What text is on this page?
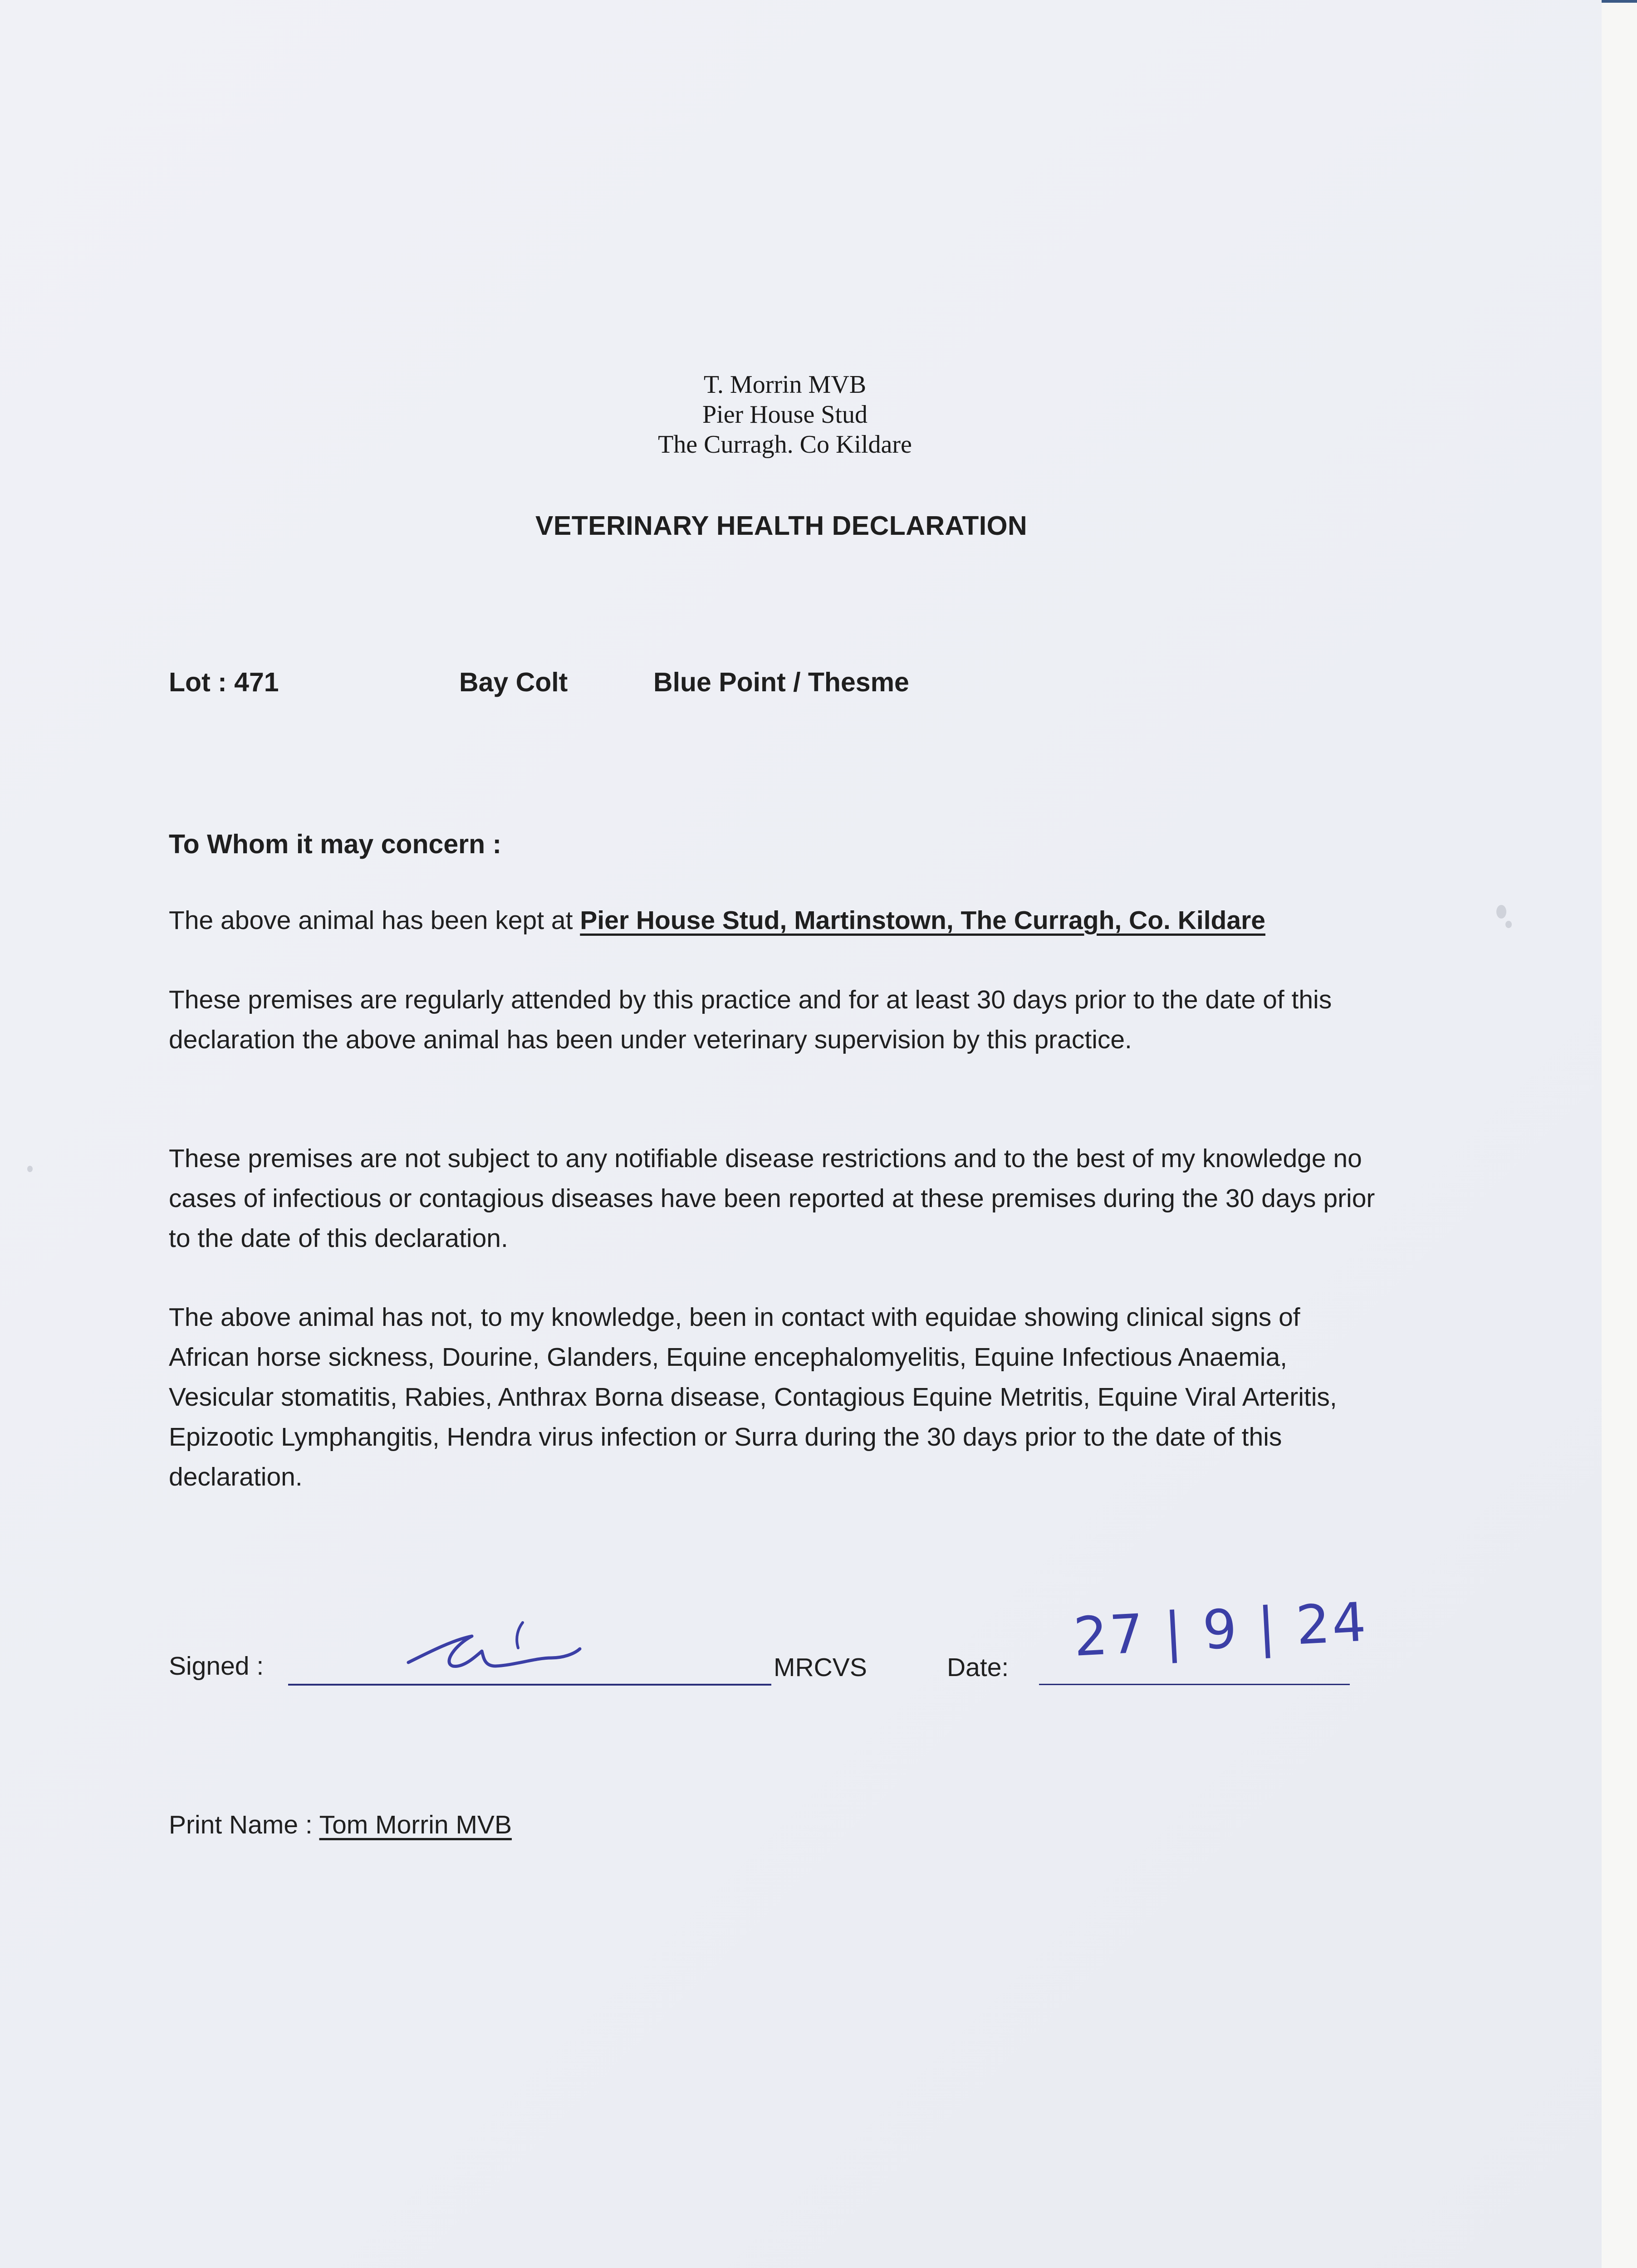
T. Morrin MVB
Pier House Stud
The Curragh. Co Kildare
VETERINARY HEALTH DECLARATION
Lot : 471	Bay Colt	Blue Point / Thesme
To Whom it may concern :

The above animal has been kept at Pier House Stud, Martinstown, The Curragh, Co. Kildare

These premises are regularly attended by this practice and for at least 30 days prior to the date of this declaration the above animal has been under veterinary supervision by this practice.

These premises are not subject to any notifiable disease restrictions and to the best of my knowledge no cases of infectious or contagious diseases have been reported at these premises during the 30 days prior to the date of this declaration.

The above animal has not, to my knowledge, been in contact with equidae showing clinical signs of African horse sickness, Dourine, Glanders, Equine encephalomyelitis, Equine Infectious Anaemia, Vesicular stomatitis, Rabies, Anthrax Borna disease, Contagious Equine Metritis, Equine Viral Arteritis, Epizootic Lymphangitis, Hendra virus infection or Surra during the 30 days prior to the date of this declaration.

Signed :	MRCVS	Date: 27 | 9 | 24
Print Name : Tom Morrin MVB
